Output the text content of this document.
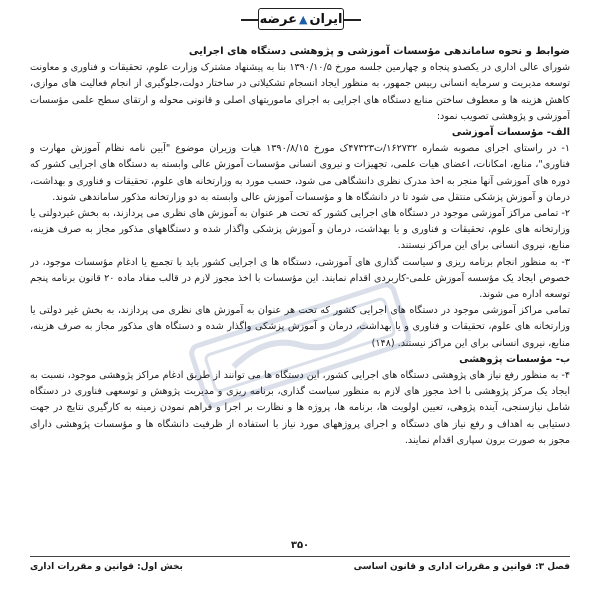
ایران
▲
عرضه

ضوابط و نحوه ساماندهی مؤسسات آموزشی و پژوهشی دستگاه های اجرایی

شورای عالی اداری در یکصدو پنجاه و چهارمین جلسه مورخ ۱۳۹۰/۱۰/۵ بنا به پیشنهاد مشترک وزارت علوم، تحقیقات و فناوری و معاونت توسعه مدیریت و سرمایه انسانی رییس جمهور، به منظور ایجاد انسجام تشکیلاتی در ساختار دولت،جلوگیری از انجام فعالیت های موازی، کاهش هزینه ها و معطوف ساختن منابع دستگاه های اجرایی به اجرای ماموریتهای اصلی و قانونی محوله و ارتقای سطح علمی مؤسسات آموزشی و پژوهشی تصویب نمود:

الف- مؤسسات آموزشی

۱- در راستای اجرای مصوبه شماره ۱۶۲۷۳۲/ت۴۷۳۲۳ک مورخ ۱۳۹۰/۸/۱۵ هیات وزیران موضوع "آیین نامه نظام آموزش مهارت و فناوری"، منابع، امکانات، اعضای هیات علمی، تجهیزات و نیروی انسانی مؤسسات آموزش عالی وابسته به دستگاه های اجرایی کشور که دوره های آموزشی آنها منجر به اخذ مدرک نظری دانشگاهی می شود، حسب مورد به وزارتخانه های علوم، تحقیقات و فناوری و بهداشت، درمان و آموزش پزشکی منتقل می شود تا در دانشگاه ها و مؤسسات آموزش عالی وابسته به دو وزارتخانه مذکور ساماندهی شوند.

۲- تمامی مراکز آموزشی موجود در دستگاه های اجرایی کشور که تحت هر عنوان به آموزش های نظری می پردازند، به بخش غیردولتی یا وزارتخانه های علوم، تحقیقات و فناوری و یا بهداشت، درمان و آموزش پزشکی واگذار شده و دستگاههای مذکور مجاز به صرف هزینه، منابع، نیروی انسانی برای این مراکز نیستند.

۳- به منظور انجام برنامه ریزی و سیاست گذاری های آموزشی، دستگاه ها ی اجرایی کشور باید با تجمیع یا ادغام مؤسسات موجود، در خصوص ایجاد یک مؤسسه آموزش علمی-کاربردی اقدام نمایند. این مؤسسات با اخذ مجوز لازم در قالب مفاد ماده ۲۰ قانون برنامه پنجم توسعه اداره می شوند.

تمامی مراکز آموزشی موجود در دستگاه های اجرایی کشور که تحت هر عنوان به آموزش های نظری می پردازند، به بخش غیر دولتی یا وزارتخانه های علوم، تحقیقات و فناوری و یا بهداشت، درمان و آموزش پزشکی واگذار شده و دستگاه های مذکور مجاز به صرف هزینه، منابع، نیروی انسانی برای این مراکز نیستند. (۱۴۸)

ب- مؤسسات پژوهشی

۴- به منظور رفع نیاز های پژوهشی دستگاه های اجرایی کشور، این دستگاه ها می توانند از طریق ادغام مراکز پژوهشی موجود، نسبت به ایجاد یک مرکز پژوهشی با اخذ مجوز های لازم به منظور سیاست گذاری، برنامه ریزی و مدیریت پژوهش و توسعهی فناوری در دستگاه شامل نیازسنجی، آینده پژوهی، تعیین اولویت ها، برنامه ها، پروژه ها و نظارت بر اجرا و فراهم نمودن زمینه به کارگیری نتایج در جهت دستیابی به اهداف و رفع نیاز های دستگاه و اجرای پروژههای مورد نیاز با استفاده از ظرفیت دانشگاه ها و مؤسسات پژوهشی دارای مجوز به صورت برون سپاری اقدام نمایند.

۳۵۰
فصل ۳: قوانین و مقررات اداری و قانون اساسی
بخش اول: قوانین و مقررات اداری
